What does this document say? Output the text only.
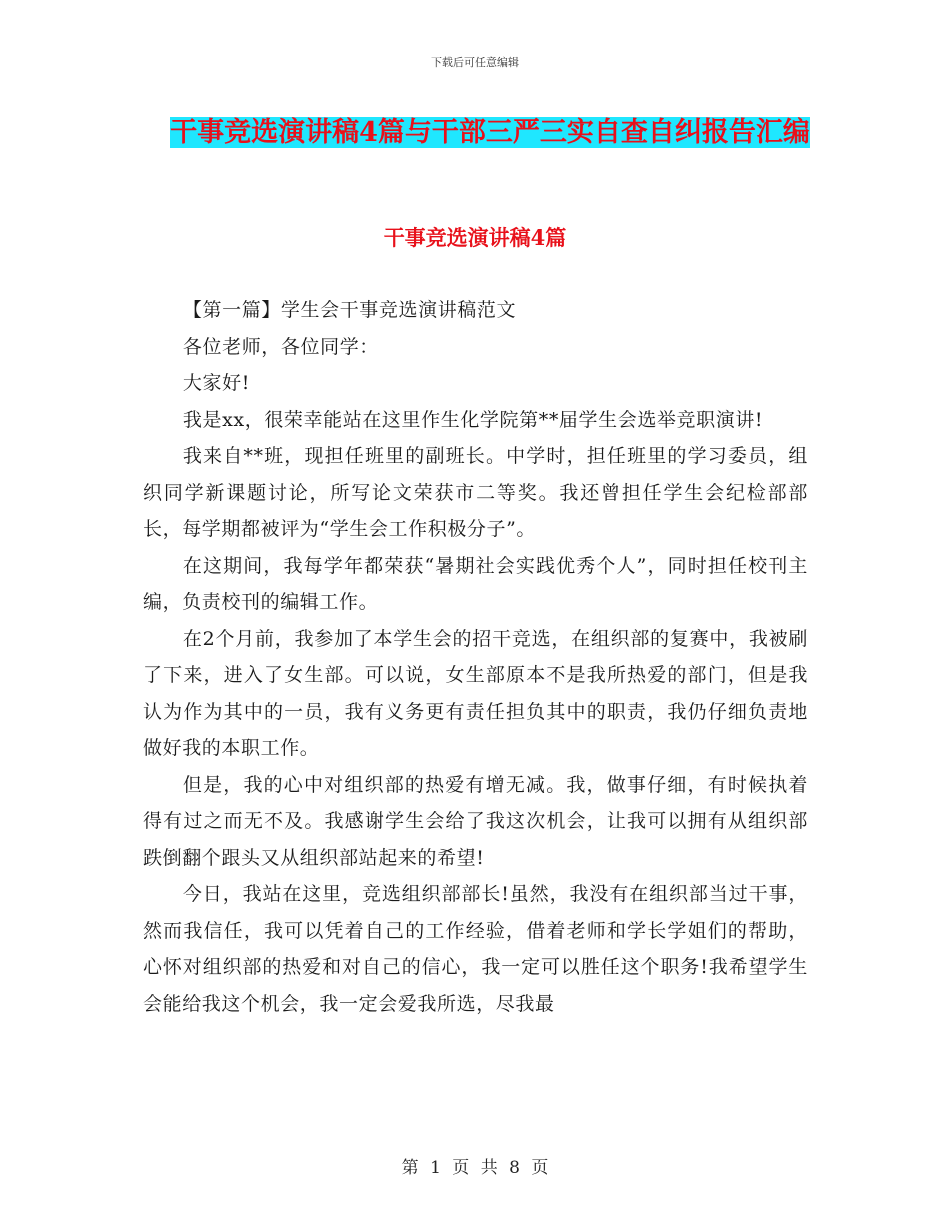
下载后可任意编辑
干事竞选演讲稿4篇与干部三严三实自查自纠报告汇编
干事竞选演讲稿4篇

【第一篇】学生会干事竞选演讲稿范文

各位老师，各位同学：

大家好!

我是xx，很荣幸能站在这里作生化学院第**届学生会选举竞职演讲!

我来自**班，现担任班里的副班长。中学时，担任班里的学习委员，组织同学新课题讨论，所写论文荣获市二等奖。我还曾担任学生会纪检部部长，每学期都被评为“学生会工作积极分子”。

在这期间，我每学年都荣获“暑期社会实践优秀个人”，同时担任校刊主编，负责校刊的编辑工作。

在2个月前，我参加了本学生会的招干竞选，在组织部的复赛中，我被刷了下来，进入了女生部。可以说，女生部原本不是我所热爱的部门，但是我认为作为其中的一员，我有义务更有责任担负其中的职责，我仍仔细负责地做好我的本职工作。

但是，我的心中对组织部的热爱有增无减。我，做事仔细，有时候执着得有过之而无不及。我感谢学生会给了我这次机会，让我可以拥有从组织部跌倒翻个跟头又从组织部站起来的希望!

今日，我站在这里，竞选组织部部长!虽然，我没有在组织部当过干事，然而我信任，我可以凭着自己的工作经验，借着老师和学长学姐们的帮助，心怀对组织部的热爱和对自己的信心，我一定可以胜任这个职务!我希望学生会能给我这个机会，我一定会爱我所选，尽我最

第 1 页 共 8 页
